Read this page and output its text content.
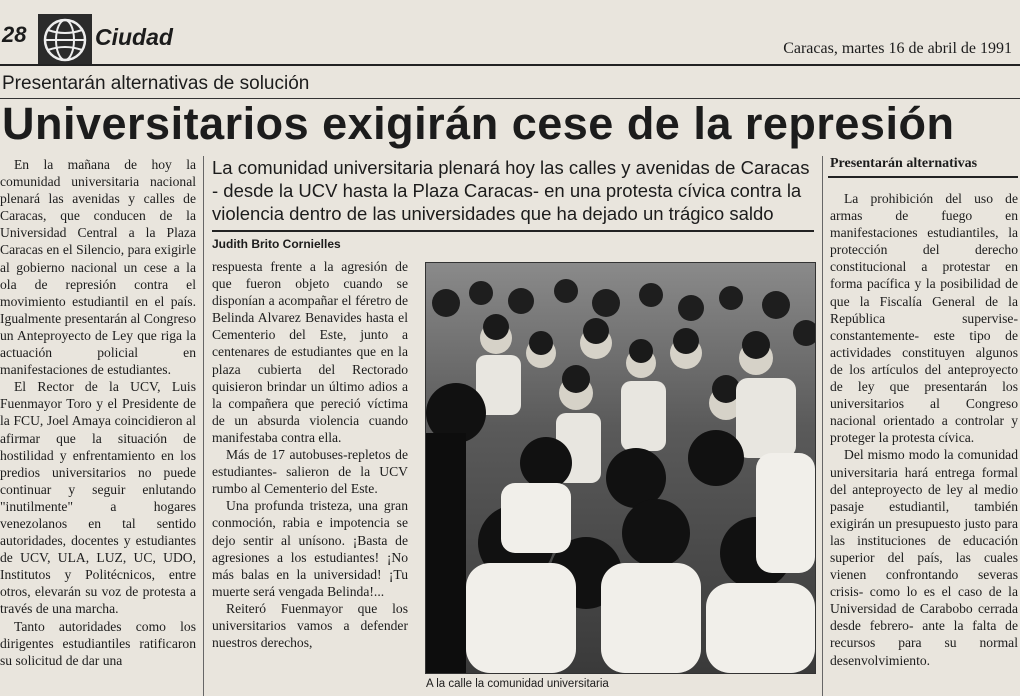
28	Ciudad	Caracas, martes 16 de abril de 1991
Presentarán alternativas de solución
Universitarios exigirán cese de la represión

En la mañana de hoy la comunidad universitaria nacional plenará las avenidas y calles de Caracas, que conducen de la Universidad Central a la Plaza Caracas en el Silencio, para exigirle al gobierno nacional un cese a la ola de represión contra el movimiento estudiantil en el país. Igualmente presentarán al Congreso un Anteproyecto de Ley que riga la actuación policial en manifestaciones de estudiantes.

El Rector de la UCV, Luis Fuenmayor Toro y el Presidente de la FCU, Joel Amaya coincidieron al afirmar que la situación de hostilidad y enfrentamiento en los predios universitarios no puede continuar y seguir enlutando "inutilmente" a hogares venezolanos en tal sentido autoridades, docentes y estudiantes de UCV, ULA, LUZ, UC, UDO, Institutos y Politécnicos, entre otros, elevarán su voz de protesta a través de una marcha.

Tanto autoridades como los dirigentes estudiantiles ratificaron su solicitud de dar una

La comunidad universitaria plenará hoy las calles y avenidas de Caracas - desde la UCV hasta la Plaza Caracas- en una protesta cívica contra la violencia dentro de las universidades que ha dejado un trágico saldo
Judith Brito Cornielles

respuesta frente a la agresión de que fueron objeto cuando se disponían a acompañar el féretro de Belinda Alvarez Benavides hasta el Cementerio del Este, junto a centenares de estudiantes que en la plaza cubierta del Rectorado quisieron brindar un último adios a la compañera que pereció víctima de un absurda violencia cuando manifestaba contra ella.

Más de 17 autobuses-repletos de estudiantes- salieron de la UCV rumbo al Cementerio del Este.

Una profunda tristeza, una gran conmoción, rabia e impotencia se dejo sentir al unísono. ¡Basta de agresiones a los estudiantes! ¡No más balas en la universidad! ¡Tu muerte será vengada Belinda!...

Reiteró Fuenmayor que los universitarios vamos a defender nuestros derechos,

A la calle la comunidad universitaria
Presentarán alternativas

La prohibición del uso de armas de fuego en manifestaciones estudiantiles, la protección del derecho constitucional a protestar en forma pacífica y la posibilidad de que la Fiscalía General de la República supervise-constantemente- este tipo de actividades constituyen algunos de los artículos del anteproyecto de ley que presentarán los universitarios al Congreso nacional orientado a controlar y proteger la protesta cívica.

Del mismo modo la comunidad universitaria hará entrega formal del anteproyecto de ley al medio pasaje estudiantil, también exigirán un presupuesto justo para las instituciones de educación superior del país, las cuales vienen confrontando severas crisis- como lo es el caso de la Universidad de Carabobo cerrada desde febrero- ante la falta de recursos para su normal desenvolvimiento.
